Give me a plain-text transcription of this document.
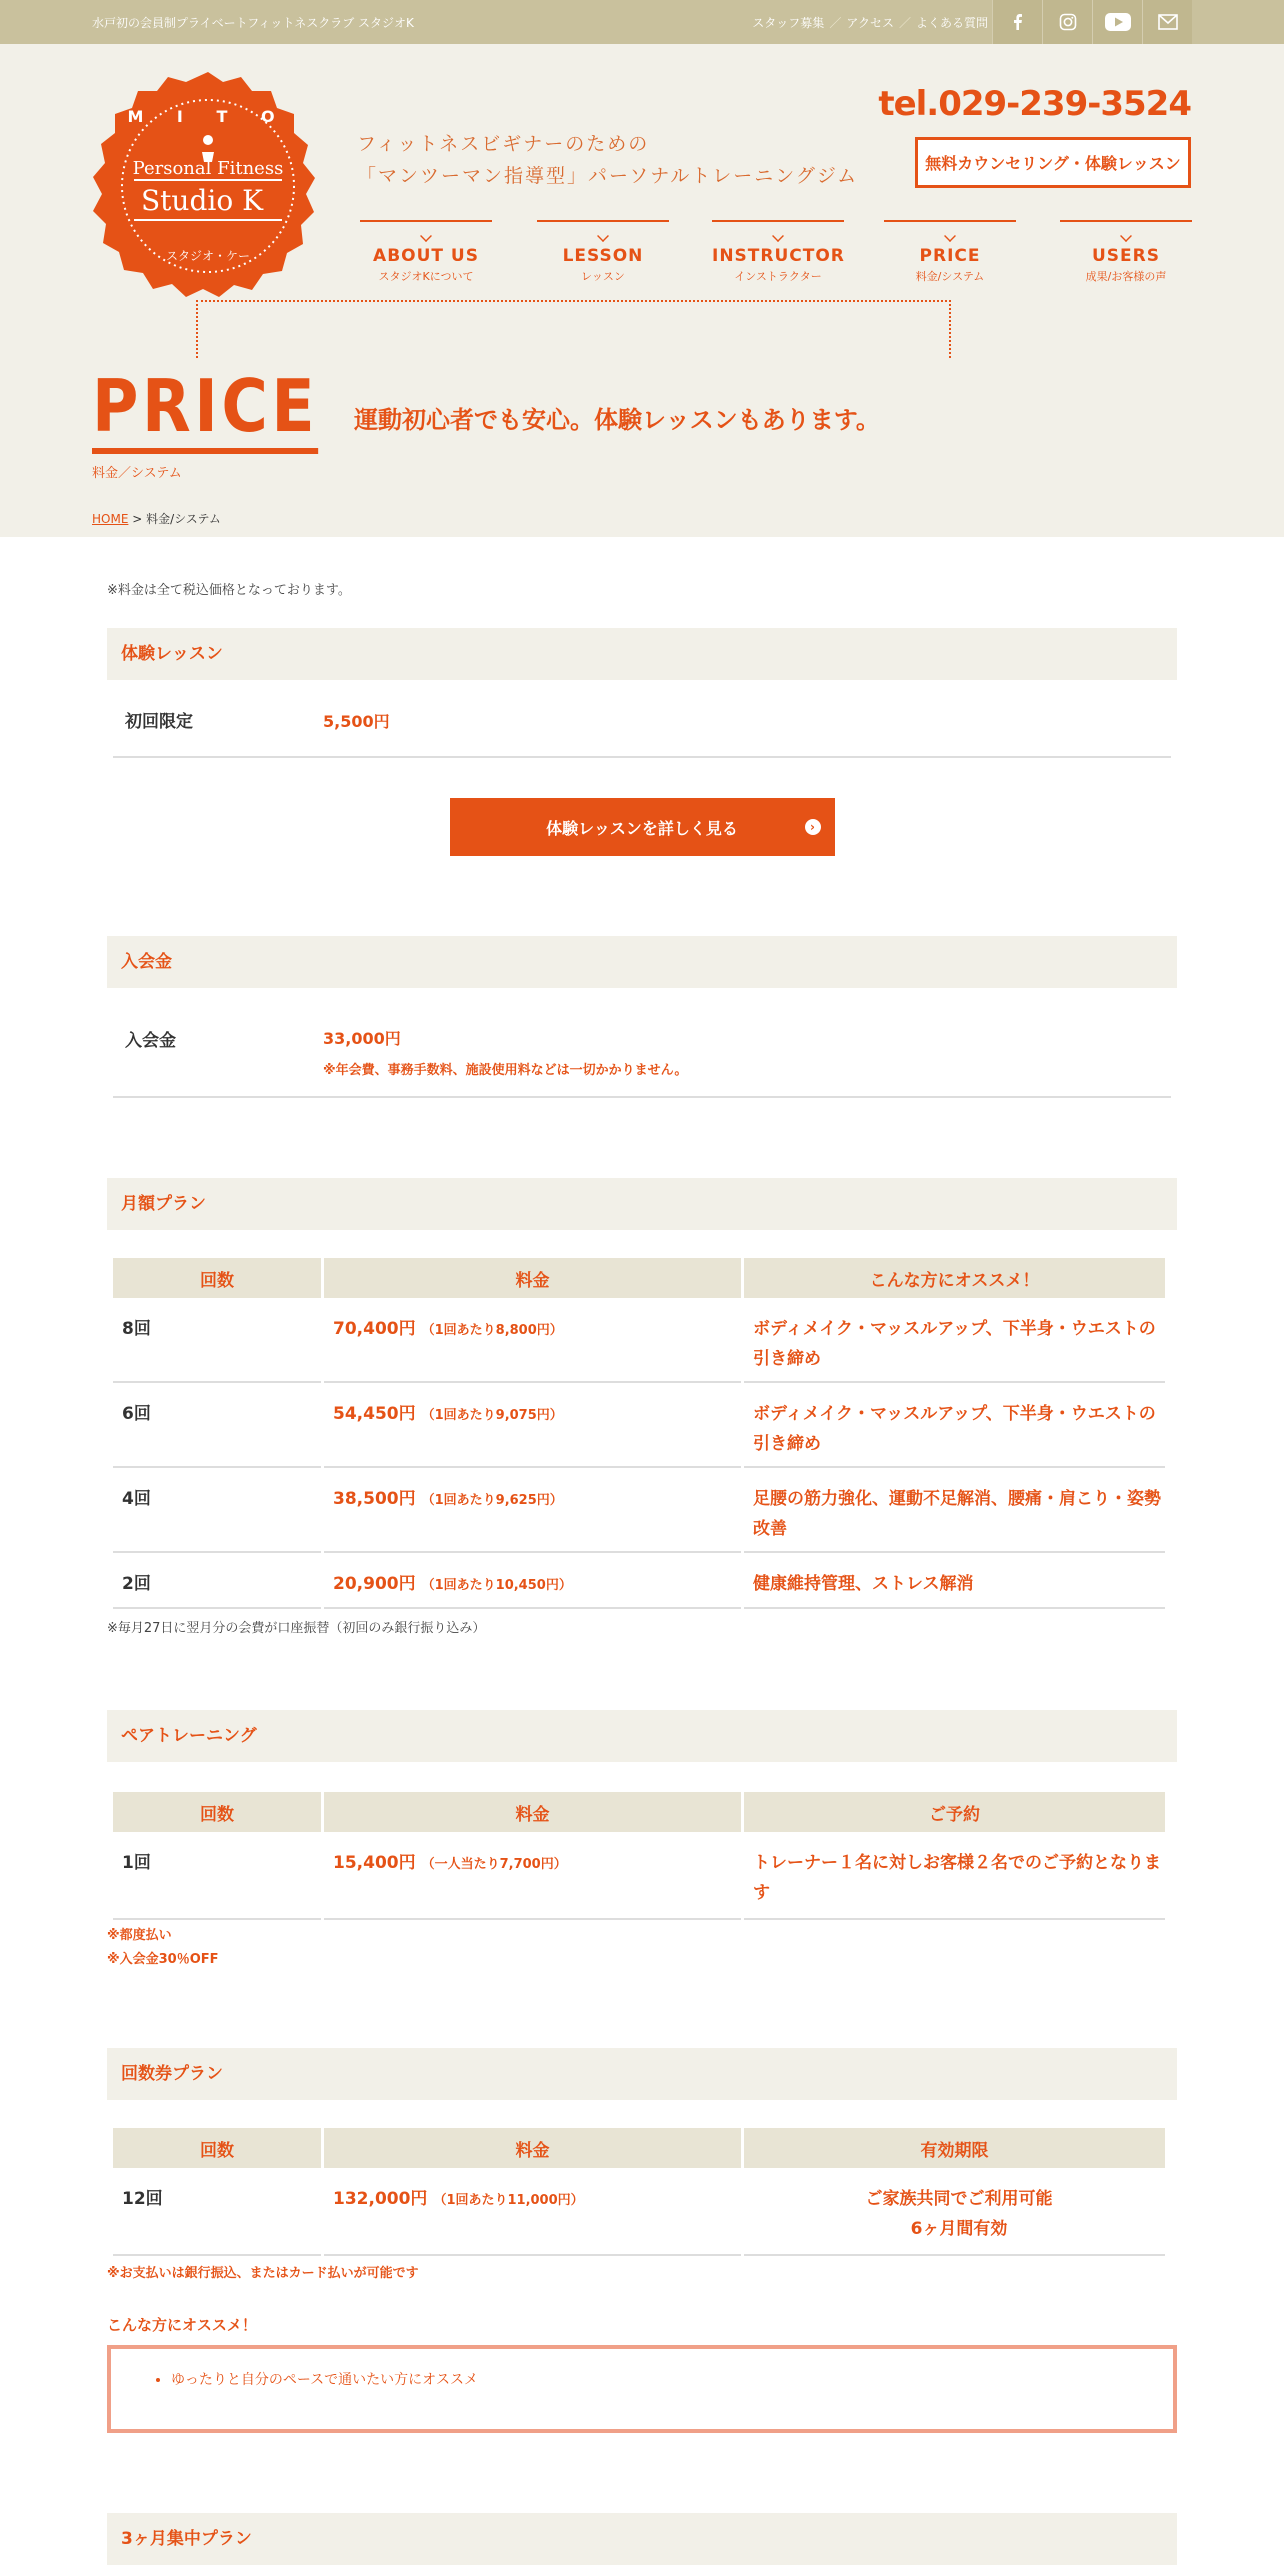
水戸初の会員制プライベートフィットネスクラブ スタジオK	スタッフ募集 ／ アクセス ／ よくある質問
M I T O
Personal Fitness
Studio K
スタジオ・ケー
フィットネスビギナーのための
「マンツーマン指導型」パーソナルトレーニングジム
tel.029-239-3524
無料カウンセリング・体験レッスン
ABOUT US
スタジオKについて
LESSON
レッスン
INSTRUCTOR
インストラクター
PRICE
料金/システム
USERS
成果/お客様の声
PRICE
料金／システム
運動初心者でも安心。体験レッスンもあります。
HOME > 料金/システム
※料金は全て税込価格となっております。
体験レッスン
初回限定	5,500円
体験レッスンを詳しく見る	›
入会金
入会金	33,000円
※年会費、事務手数料、施設使用料などは一切かかりません。
月額プラン
回数	料金	こんな方にオススメ！
8回	70,400円 （1回あたり8,800円）	ボディメイク・マッスルアップ、下半身・ウエストの引き締め
6回	54,450円 （1回あたり9,075円）	ボディメイク・マッスルアップ、下半身・ウエストの引き締め
4回	38,500円 （1回あたり9,625円）	足腰の筋力強化、運動不足解消、腰痛・肩こり・姿勢改善
2回	20,900円 （1回あたり10,450円）	健康維持管理、ストレス解消
※毎月27日に翌月分の会費が口座振替（初回のみ銀行振り込み）
ペアトレーニング
回数	料金	ご予約
1回	15,400円 （一人当たり7,700円）	トレーナー１名に対しお客様２名でのご予約となります
※都度払い
※入会金30％OFF
回数券プラン
回数	料金	有効期限
12回	132,000円 （1回あたり11,000円）	ご家族共同でご利用可能
6ヶ月間有効
※お支払いは銀行振込、またはカード払いが可能です
こんな方にオススメ！
• ゆったりと自分のペースで通いたい方にオススメ
3ヶ月集中プラン
